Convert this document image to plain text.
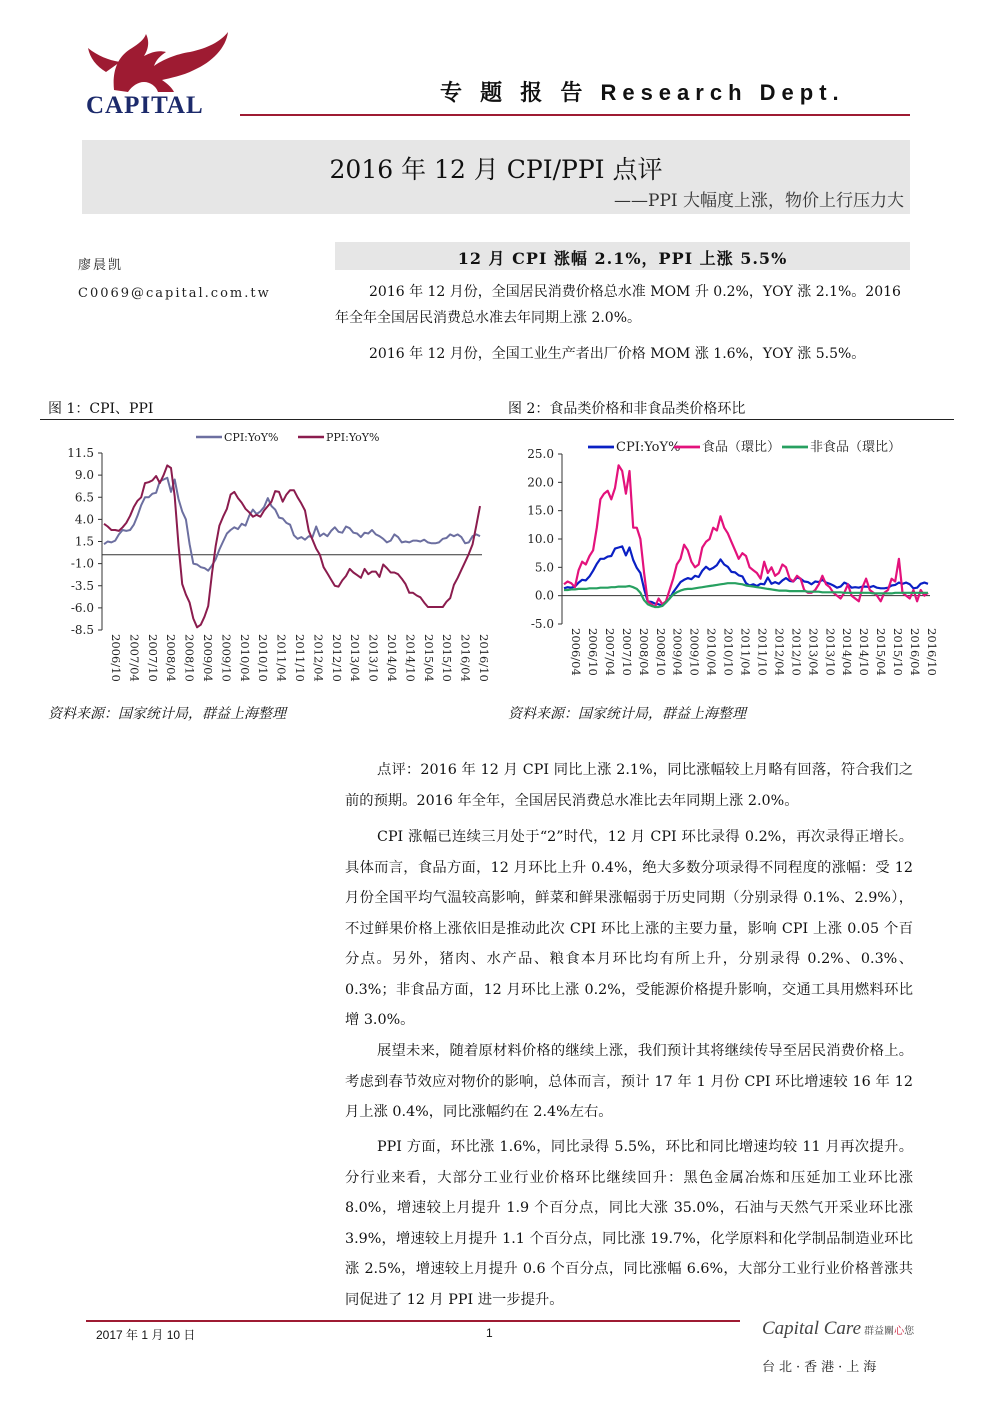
CAPITAL	专 题 报 告 Research Dept.
2016 年 12 月 CPI/PPI 点评
——PPI 大幅度上涨，物价上行压力大
廖晨凯
C0069@capital.com.tw
12 月 CPI 涨幅 2.1%，PPI 上涨 5.5%
2016 年 12 月份，全国居民消费价格总水准 MOM 升 0.2%，YOY 涨 2.1%。2016 年全年全国居民消费总水准去年同期上涨 2.0%。
2016 年 12 月份，全国工业生产者出厂价格 MOM 涨 1.6%，YOY 涨 5.5%。
图 1：CPI、PPI	图 2：食品类价格和非食品类价格环比
11.5
9.0
6.5
4.0
1.5
-1.0
-3.5
-6.0
-8.5
2006/10 2007/04 2007/10 2008/04 2008/10 2009/04 2009/10 2010/04 2010/10 2011/04 2011/10 2012/04 2012/10 2013/04 2013/10 2014/04 2014/10 2015/04 2015/10 2016/04 2016/10
CPI:YoY%	PPI:YoY%
25.0
20.0
15.0
10.0
5.0
0.0
-5.0
2006/04 2006/10 2007/04 2007/10 2008/04 2008/10 2009/04 2009/10 2010/04 2010/10 2011/04 2011/10 2012/04 2012/10 2013/04 2013/10 2014/04 2014/10 2015/04 2015/10 2016/04 2016/10
CPI:YoY% 食品（環比） 非食品（環比）
资料来源：国家统计局，群益上海整理	资料来源：国家统计局，群益上海整理
点评：2016 年 12 月 CPI 同比上涨 2.1%，同比涨幅较上月略有回落，符合我们之前的预期。2016 年全年，全国居民消费总水准比去年同期上涨 2.0%。
CPI 涨幅已连续三月处于“2”时代，12 月 CPI 环比录得 0.2%，再次录得正增长。具体而言，食品方面，12 月环比上升 0.4%，绝大多数分项录得不同程度的涨幅：受 12 月份全国平均气温较高影响，鲜菜和鲜果涨幅弱于历史同期（分别录得 0.1%、2.9%），不过鲜果价格上涨依旧是推动此次 CPI 环比上涨的主要力量，影响 CPI 上涨 0.05 个百分点。另外，猪肉、水产品、粮食本月环比均有所上升，分别录得 0.2%、0.3%、0.3%；非食品方面，12 月环比上涨 0.2%，受能源价格提升影响，交通工具用燃料环比增 3.0%。
展望未来，随着原材料价格的继续上涨，我们预计其将继续传导至居民消费价格上。考虑到春节效应对物价的影响，总体而言，预计 17 年 1 月份 CPI 环比增速较 16 年 12 月上涨 0.4%，同比涨幅约在 2.4%左右。
PPI 方面，环比涨 1.6%，同比录得 5.5%，环比和同比增速均较 11 月再次提升。分行业来看，大部分工业行业价格环比继续回升：黑色金属冶炼和压延加工业环比涨 8.0%，增速较上月提升 1.9 个百分点，同比大涨 35.0%，石油与天然气开采业环比涨 3.9%，增速较上月提升 1.1 个百分点，同比涨 19.7%，化学原料和化学制品制造业环比涨 2.5%，增速较上月提升 0.6 个百分点，同比涨幅 6.6%，大部分工业行业价格普涨共同促进了 12 月 PPI 进一步提升。
2017 年 1 月 10 日	1	Capital Care 群益關心您
台北·香港·上海
